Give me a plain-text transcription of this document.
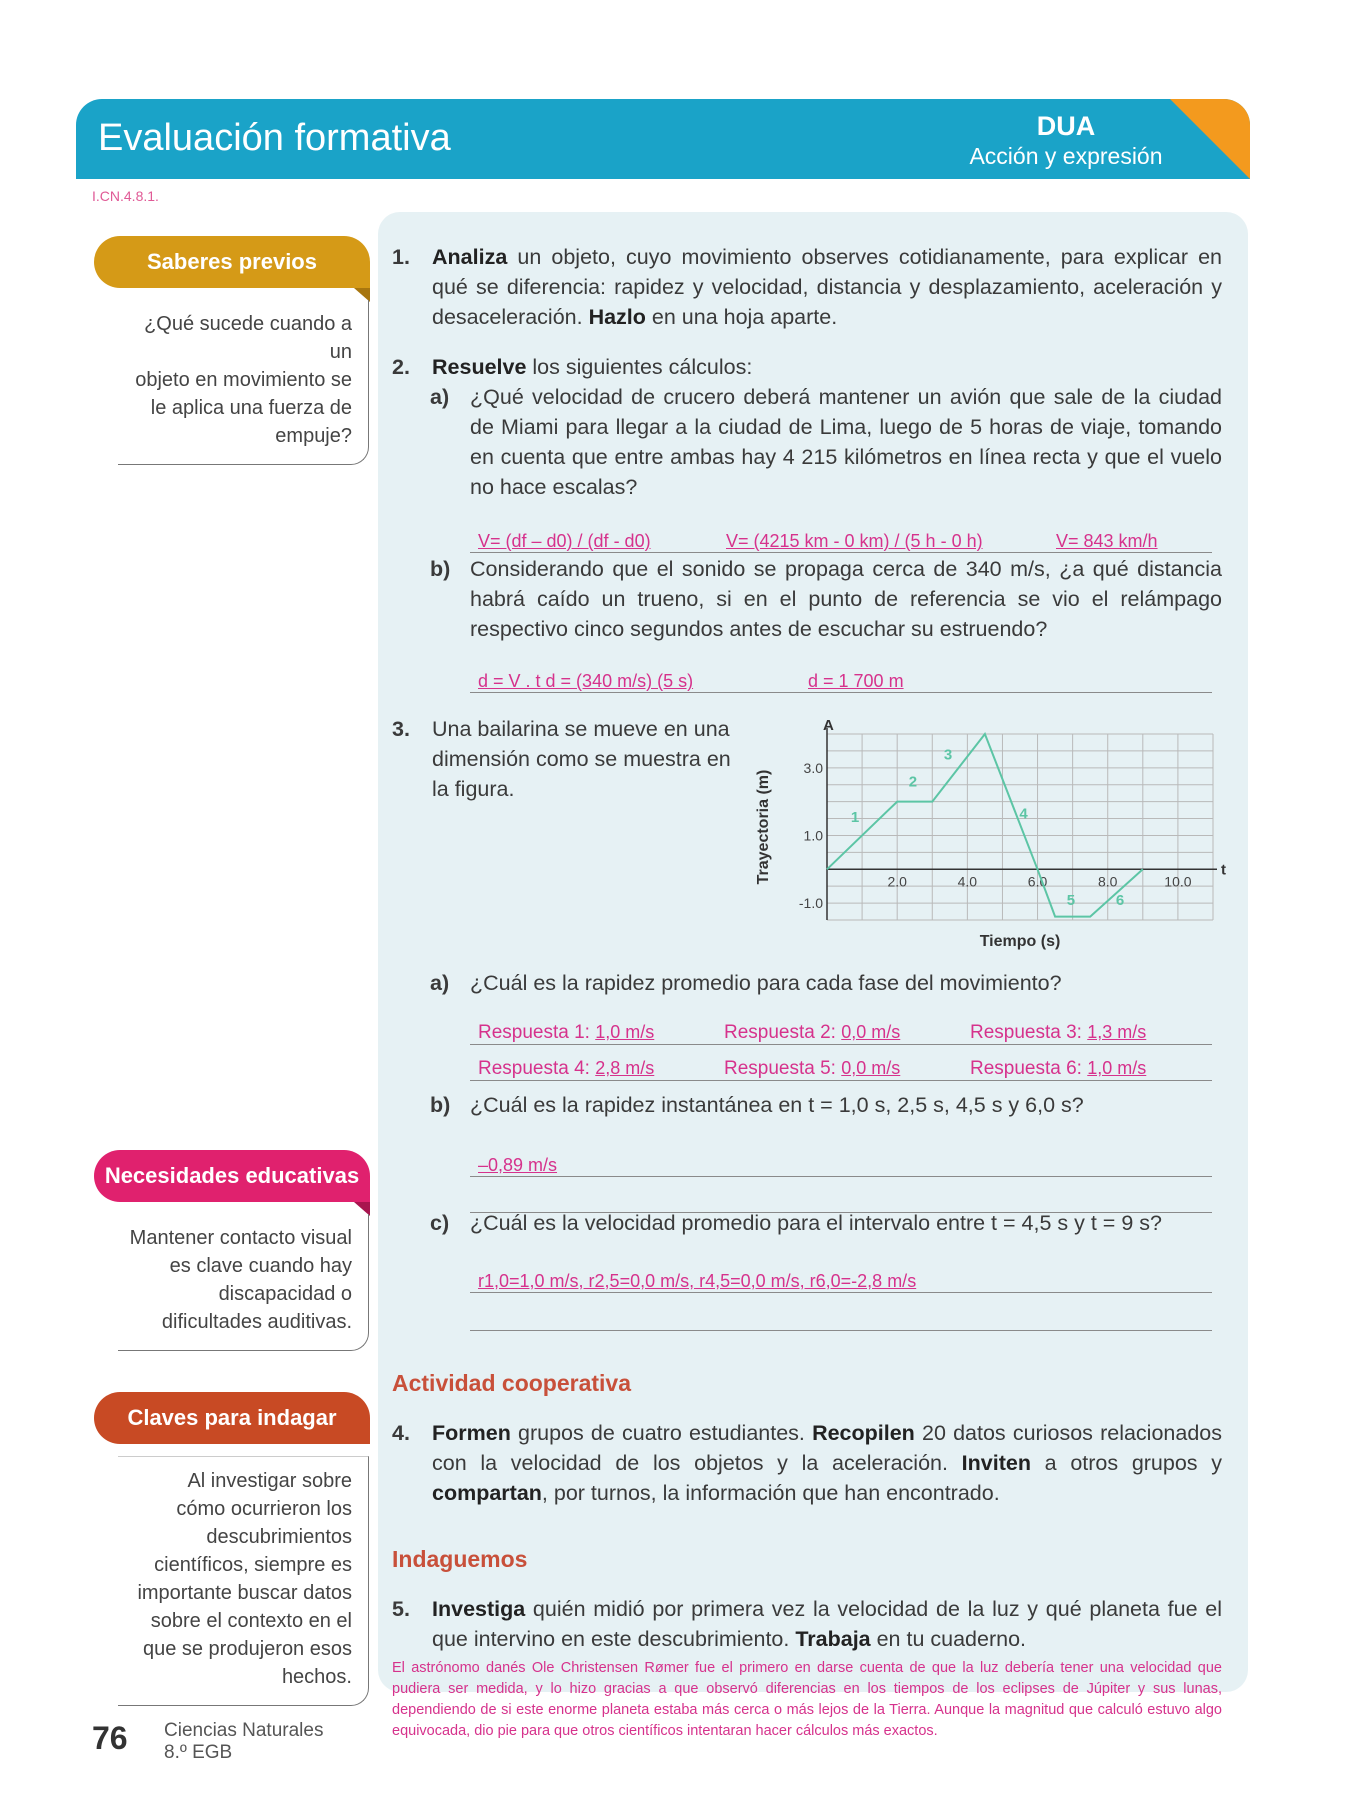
Evaluación formativa	DUA
Acción y expresión
I.CN.4.8.1.
Saberes previos
¿Qué sucede cuando a un
objeto en movimiento se
le aplica una fuerza de
empuje?
Necesidades educativas
Mantener contacto visual
es clave cuando hay
discapacidad o
dificultades auditivas.
Claves para indagar
Al investigar sobre
cómo ocurrieron los
descubrimientos
científicos, siempre es
importante buscar datos
sobre el contexto en el
que se produjeron esos
hechos.
1. Analiza un objeto, cuyo movimiento observes cotidianamente, para explicar en qué se diferencia: rapidez y velocidad, distancia y desplazamiento, aceleración y desaceleración. Hazlo en una hoja aparte.
2. Resuelve los siguientes cálculos:
a) ¿Qué velocidad de crucero deberá mantener un avión que sale de la ciudad de Miami para llegar a la ciudad de Lima, luego de 5 horas de viaje, tomando en cuenta que entre ambas hay 4 215 kilómetros en línea recta y que el vuelo no hace escalas?
V= (df – d0) / (df - d0)	V= (4215 km - 0 km) / (5 h - 0 h)	V= 843 km/h
b) Considerando que el sonido se propaga cerca de 340 m/s, ¿a qué distancia habrá caído un trueno, si en el punto de referencia se vio el relámpago respectivo cinco segundos antes de escuchar su estruendo?
d = V . t d = (340 m/s) (5 s)	d = 1 700 m
3. Una bailarina se mueve en una dimensión como se muestra en la figura.
2.0	4.0	6.0	8.0	10.0
3.0
1.0
-1.0
1
2
3
4
5	6
A
t
Trayectoria (m)
Tiempo (s)
a) ¿Cuál es la rapidez promedio para cada fase del movimiento?
Respuesta 1: 1,0 m/s	Respuesta 2: 0,0 m/s	Respuesta 3: 1,3 m/s
Respuesta 4: 2,8 m/s	Respuesta 5: 0,0 m/s	Respuesta 6: 1,0 m/s
b) ¿Cuál es la rapidez instantánea en t = 1,0 s, 2,5 s, 4,5 s y 6,0 s?
–0,89 m/s
c) ¿Cuál es la velocidad promedio para el intervalo entre t = 4,5 s y t = 9 s?
r1,0=1,0 m/s, r2,5=0,0 m/s, r4,5=0,0 m/s, r6,0=-2,8 m/s
Actividad cooperativa
4. Formen grupos de cuatro estudiantes. Recopilen 20 datos curiosos relacionados con la velocidad de los objetos y la aceleración. Inviten a otros grupos y compartan, por turnos, la información que han encontrado.
Indaguemos
5. Investiga quién midió por primera vez la velocidad de la luz y qué planeta fue el que intervino en este descubrimiento. Trabaja en tu cuaderno.
El astrónomo danés Ole Christensen Rømer fue el primero en darse cuenta de que la luz debería tener una velocidad que pudiera ser medida, y lo hizo gracias a que observó diferencias en los tiempos de los eclipses de Júpiter y sus lunas, dependiendo de si este enorme planeta estaba más cerca o más lejos de la Tierra. Aunque la magnitud que calculó estuvo algo equivocada, dio pie para que otros científicos intentaran hacer cálculos más exactos.
76 Ciencias Naturales
8.º EGB
